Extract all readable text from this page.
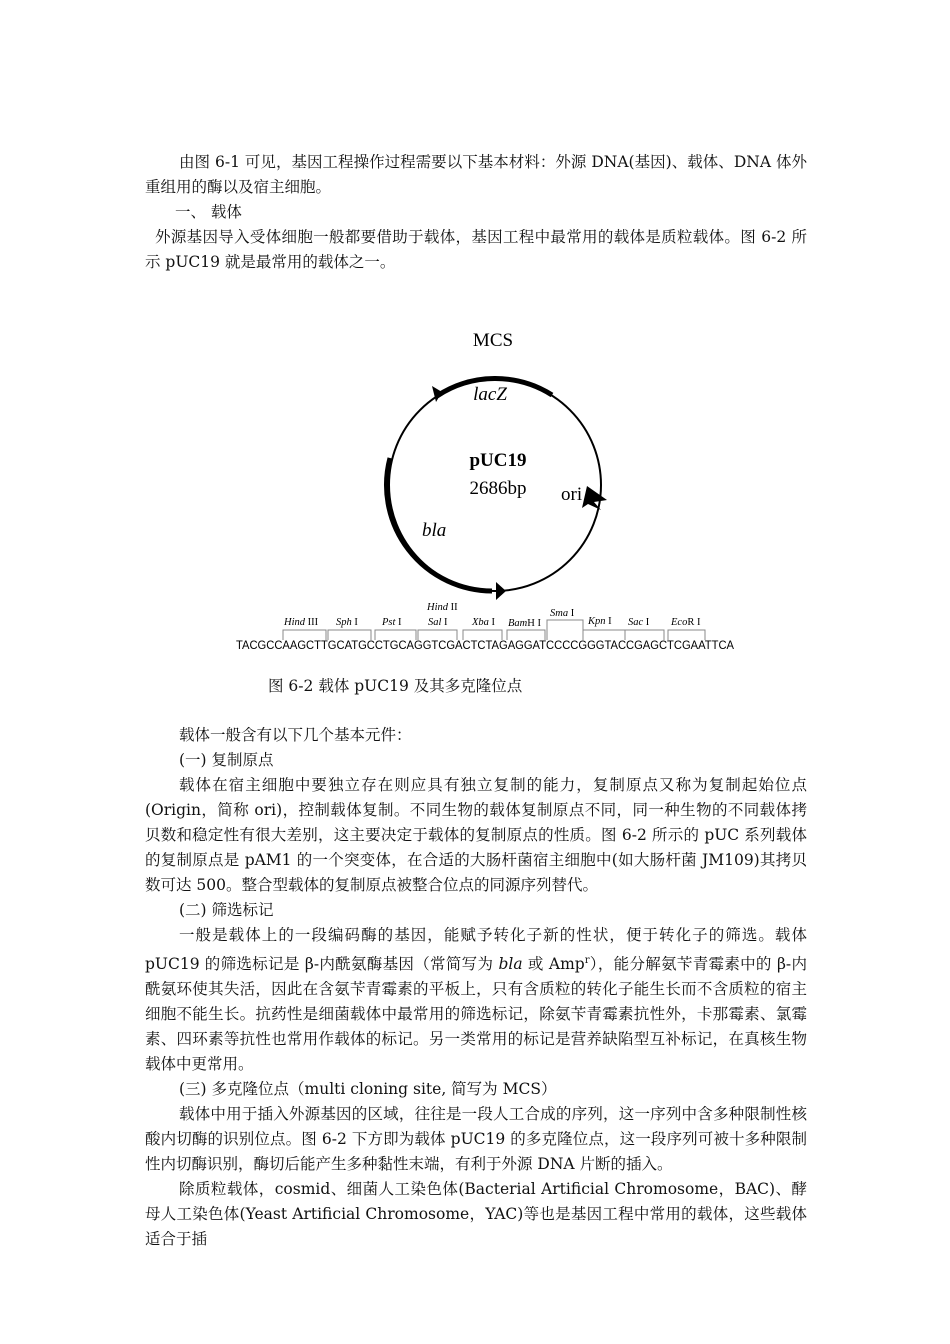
由图 6-1 可见，基因工程操作过程需要以下基本材料：外源 DNA(基因)、载体、DNA 体外重组用的酶以及宿主细胞。

一、 载体

外源基因导入受体细胞一般都要借助于载体，基因工程中最常用的载体是质粒载体。图 6-2 所示 pUC19 就是最常用的载体之一。

MCS
lacZ
pUC19
2686bp ori
bla
Hind III Sph I Pst I
Hind II
Sal I Xba I BamH I
Sma I
Kpn I Sac I EcoR I
TACGCCAAGCTTGCATGCCTGCAGGTCGACTCTAGAGGATCCCCGGGTACCGAGCTCGAATTCA
图 6-2 载体 pUC19 及其多克隆位点

载体一般含有以下几个基本元件：

(一) 复制原点

载体在宿主细胞中要独立存在则应具有独立复制的能力，复制原点又称为复制起始位点(Origin，简称 ori)，控制载体复制。不同生物的载体复制原点不同，同一种生物的不同载体拷贝数和稳定性有很大差别，这主要决定于载体的复制原点的性质。图 6-2 所示的 pUC 系列载体的复制原点是 pAM1 的一个突变体，在合适的大肠杆菌宿主细胞中(如大肠杆菌 JM109)其拷贝数可达 500。整合型载体的复制原点被整合位点的同源序列替代。

(二) 筛选标记

一般是载体上的一段编码酶的基因，能赋予转化子新的性状，便于转化子的筛选。载体 pUC19 的筛选标记是 β-内酰氨酶基因（常简写为 bla 或 Amp$^r$），能分解氨苄青霉素中的 β-内酰氨环使其失活，因此在含氨苄青霉素的平板上，只有含质粒的转化子能生长而不含质粒的宿主细胞不能生长。抗药性是细菌载体中最常用的筛选标记，除氨苄青霉素抗性外，卡那霉素、氯霉素、四环素等抗性也常用作载体的标记。另一类常用的标记是营养缺陷型互补标记，在真核生物载体中更常用。

(三) 多克隆位点（multi cloning site, 简写为 MCS）

载体中用于插入外源基因的区域，往往是一段人工合成的序列，这一序列中含多种限制性核酸内切酶的识别位点。图 6-2 下方即为载体 pUC19 的多克隆位点，这一段序列可被十多种限制性内切酶识别，酶切后能产生多种黏性末端，有利于外源 DNA 片断的插入。

除质粒载体，cosmid、细菌人工染色体(Bacterial Artificial Chromosome，BAC)、酵母人工染色体(Yeast Artificial Chromosome，YAC)等也是基因工程中常用的载体，这些载体适合于插
